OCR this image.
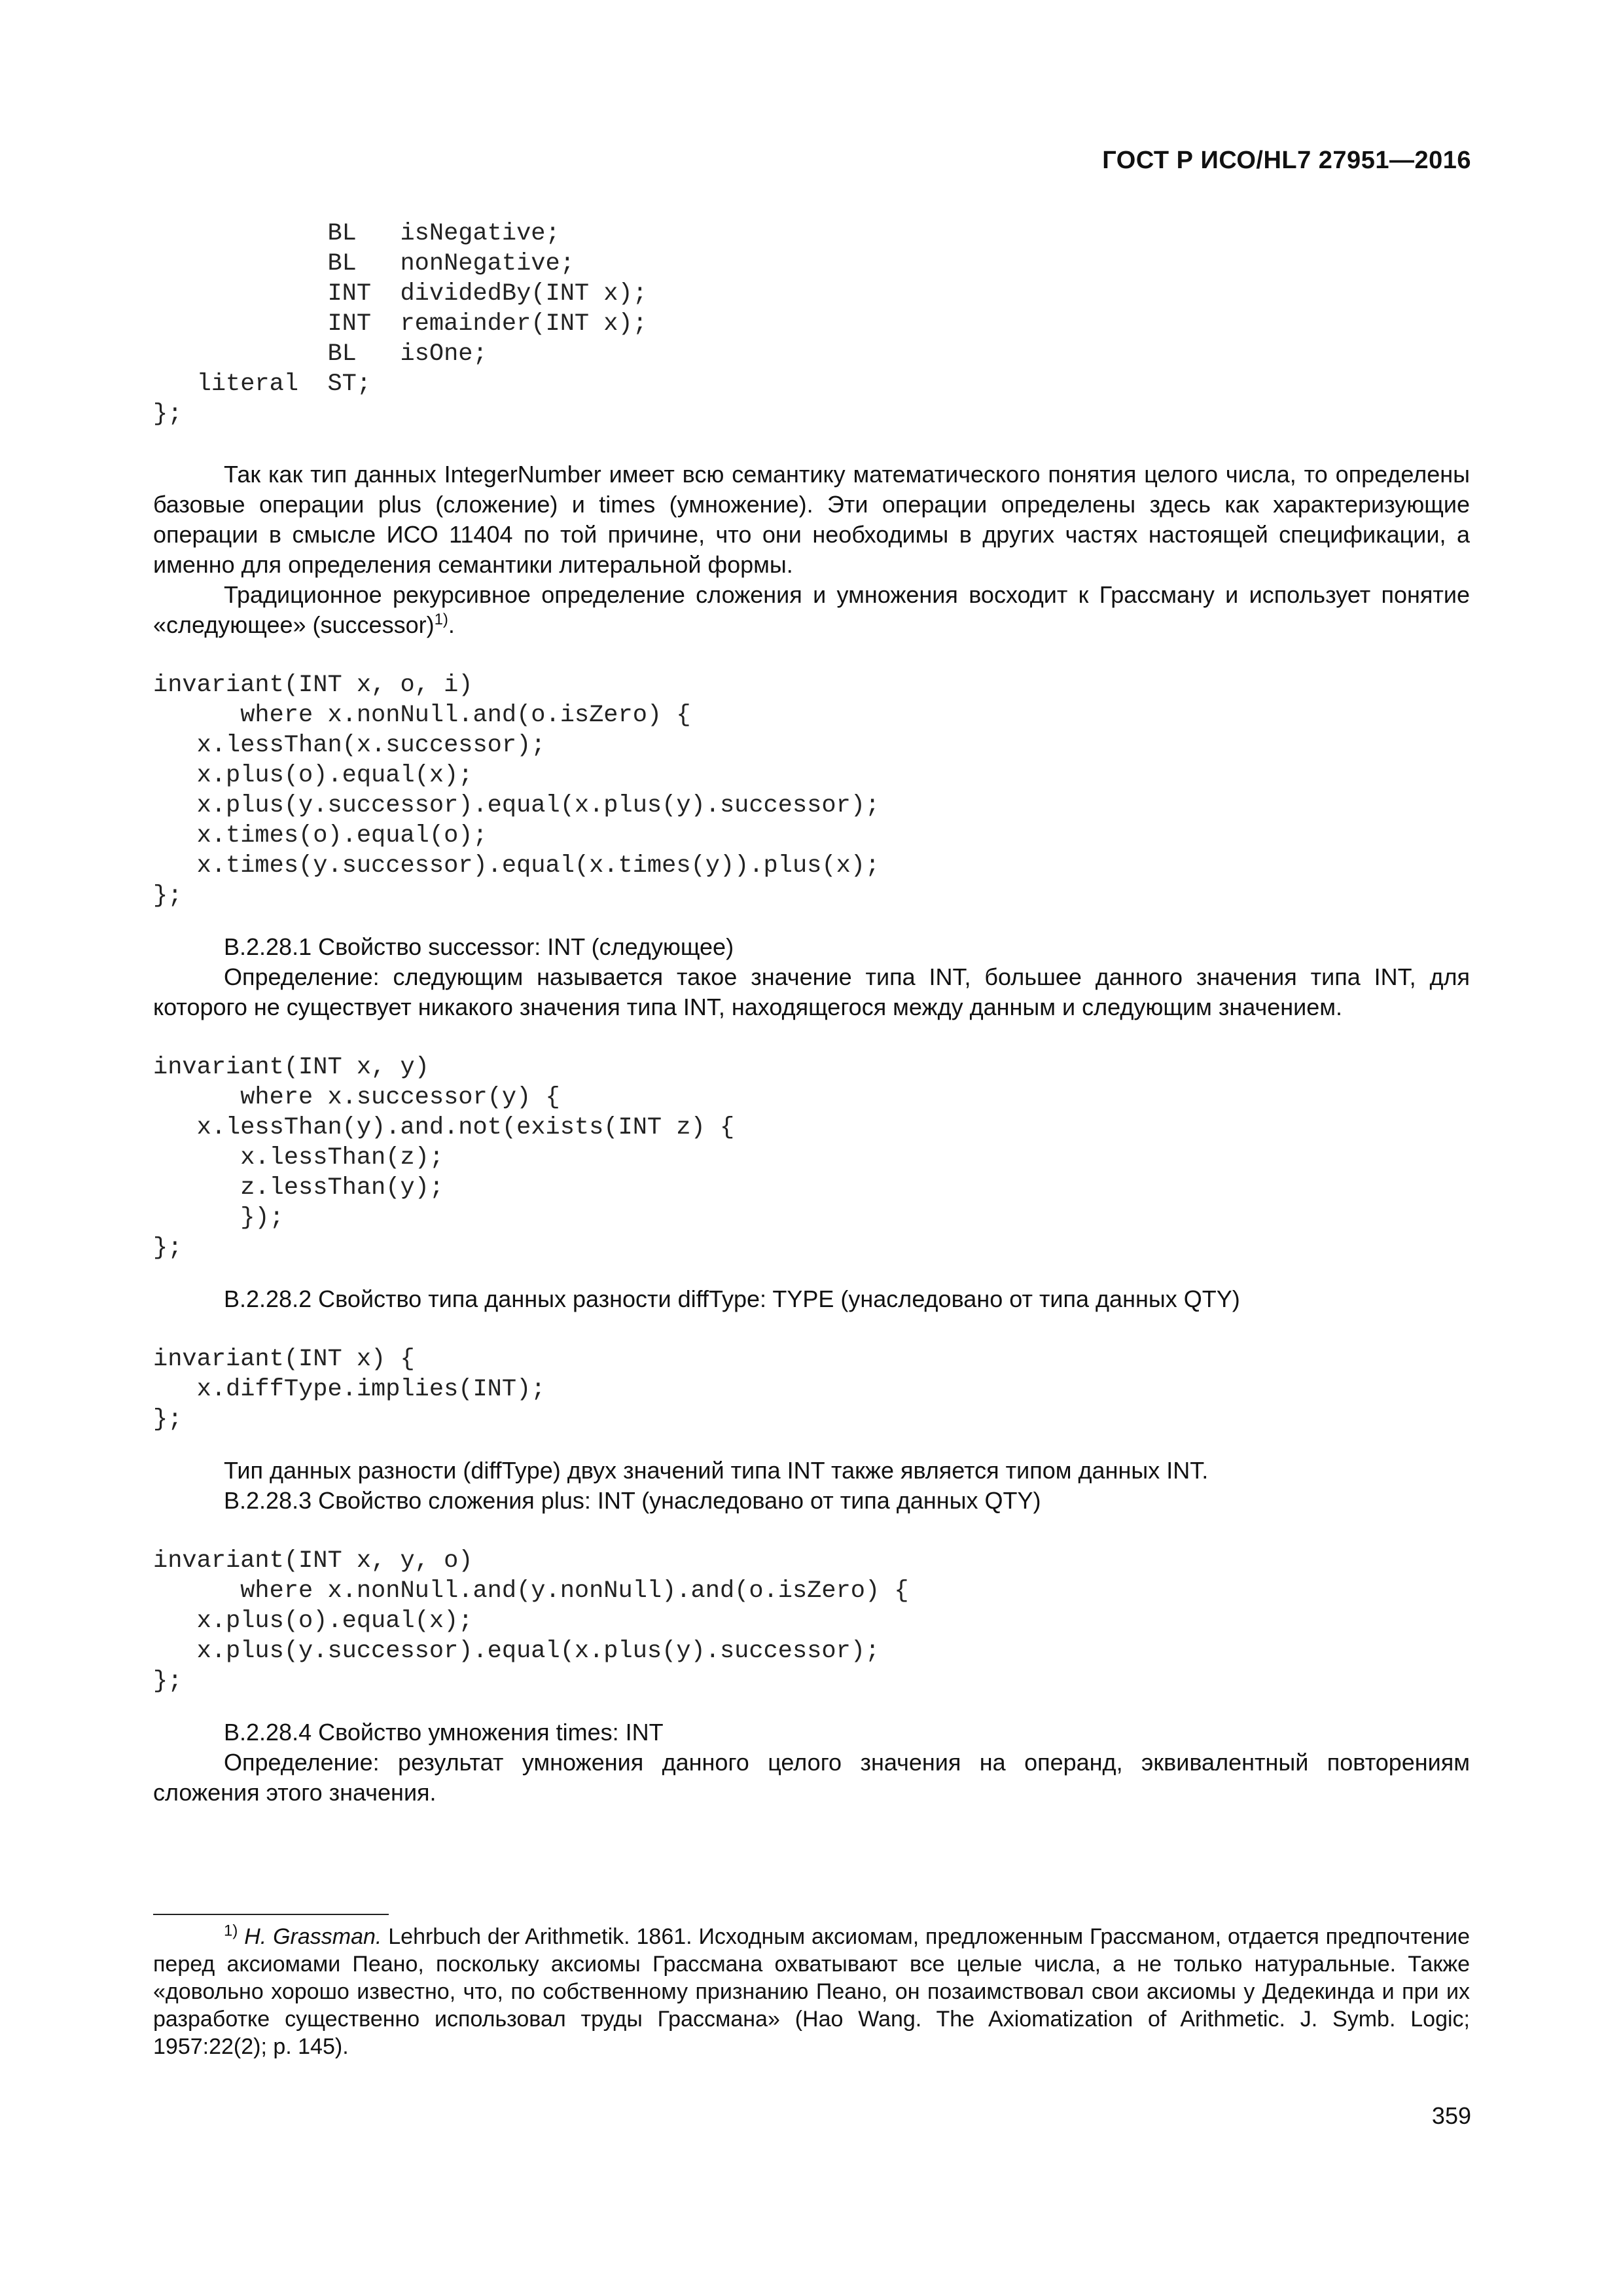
ГОСТ Р ИСО/HL7 27951—2016
BL   isNegative;
BL   nonNegative;
INT  dividedBy(INT x);
INT  remainder(INT x);
BL   isOne;
literal  ST;
};

Так как тип данных IntegerNumber имеет всю семантику математического понятия целого числа, то определены базовые операции plus (сложение) и times (умножение). Эти операции определены здесь как характеризующие операции в смысле ИСО 11404 по той причине, что они необходимы в других частях настоящей спецификации, а именно для определения семантики литеральной формы.

Традиционное рекурсивное определение сложения и умножения восходит к Грассману и использует понятие «следующее» (successor)$^{1)}$.

invariant(INT x, o, i)
where x.nonNull.and(o.isZero) {
x.lessThan(x.successor);
x.plus(o).equal(x);
x.plus(y.successor).equal(x.plus(y).successor);
x.times(o).equal(o);
x.times(y.successor).equal(x.times(y)).plus(x);
};

B.2.28.1 Свойство successor: INT (следующее)

Определение: следующим называется такое значение типа INT, большее данного значения типа INT, для которого не существует никакого значения типа INT, находящегося между данным и следующим значением.

invariant(INT x, y)
where x.successor(y) {
x.lessThan(y).and.not(exists(INT z) {
x.lessThan(z);
z.lessThan(y);
});
};

B.2.28.2 Свойство типа данных разности diffType: TYPE (унаследовано от типа данных QTY)

invariant(INT x) {
x.diffType.implies(INT);
};

Тип данных разности (diffType) двух значений типа INT также является типом данных INT.

B.2.28.3 Свойство сложения plus: INT (унаследовано от типа данных QTY)

invariant(INT x, y, o)
where x.nonNull.and(y.nonNull).and(o.isZero) {
x.plus(o).equal(x);
x.plus(y.successor).equal(x.plus(y).successor);
};

B.2.28.4 Свойство умножения times: INT

Определение: результат умножения данного целого значения на операнд, эквивалентный повторениям сложения этого значения.

$^{1)}$ H. Grassman. Lehrbuch der Arithmetik. 1861. Исходным аксиомам, предложенным Грассманом, отдается предпочтение перед аксиомами Пеано, поскольку аксиомы Грассмана охватывают все целые числа, а не только натуральные. Также «довольно хорошо известно, что, по собственному признанию Пеано, он позаимствовал свои аксиомы у Дедекинда и при их разработке существенно использовал труды Грассмана» (Hao Wang. The Axiomatization of Arithmetic. J. Symb. Logic; 1957:22(2); p. 145).

359
